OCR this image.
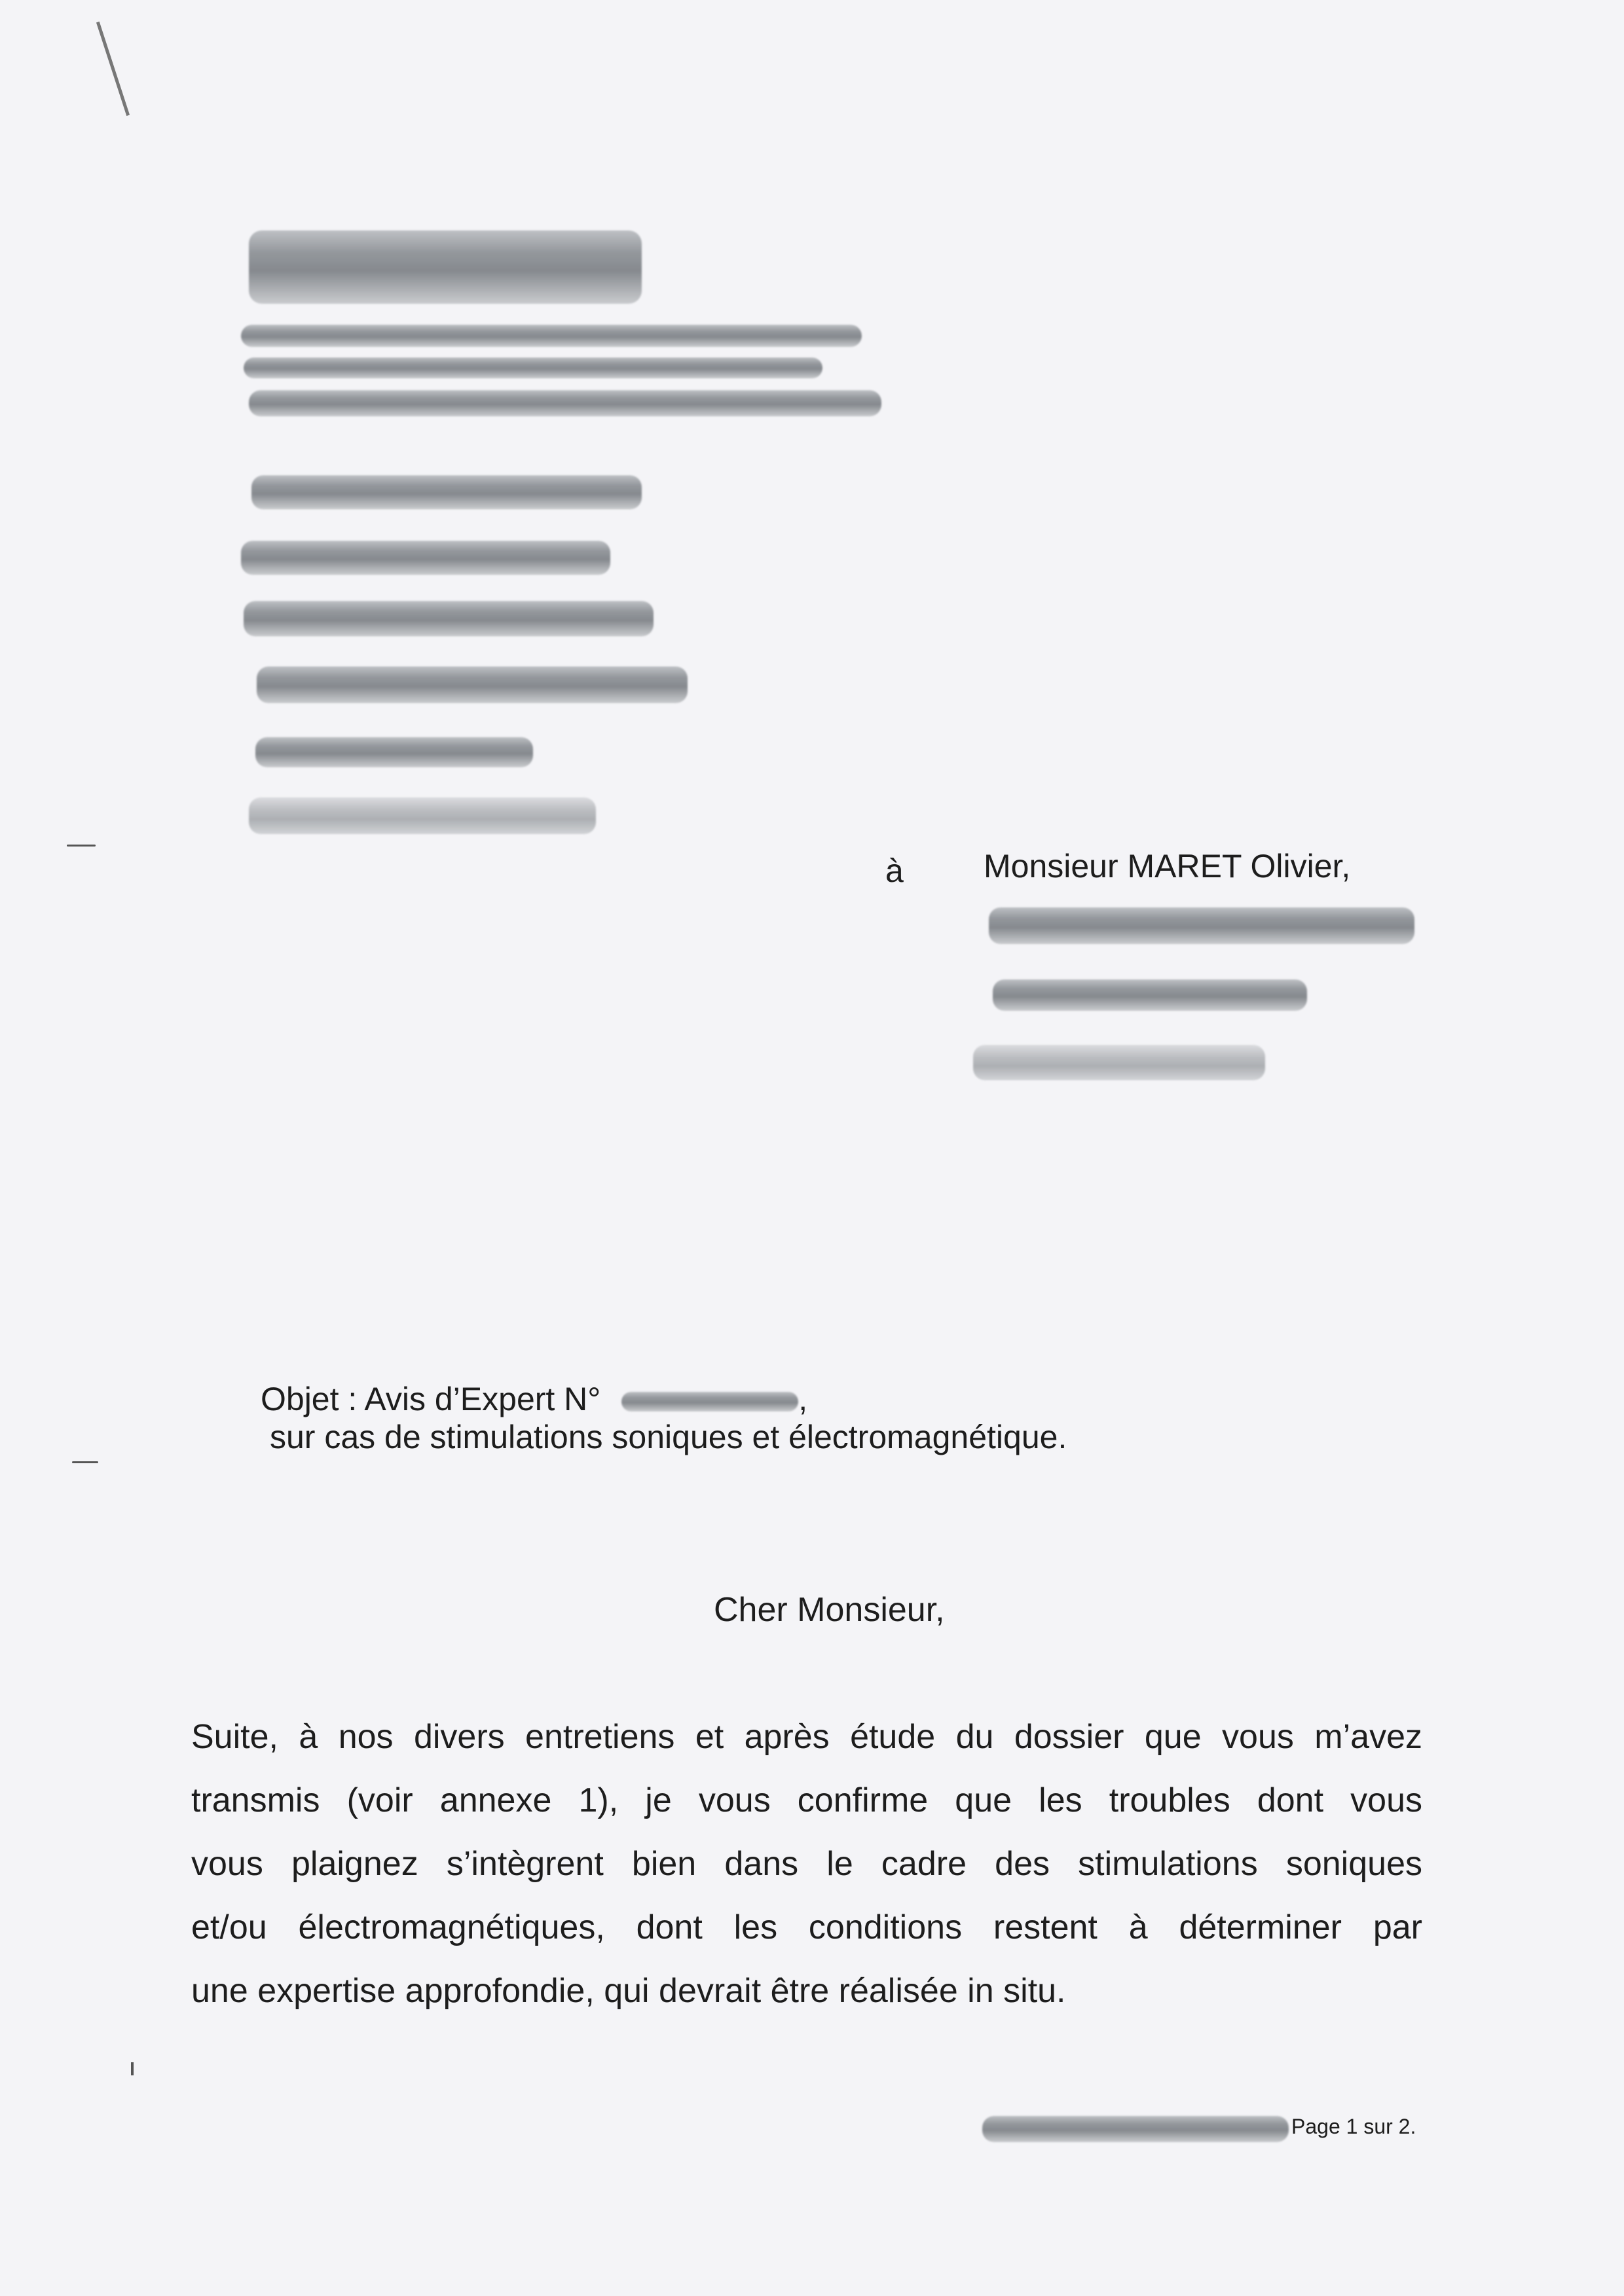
à Monsieur MARET Olivier,
Objet : Avis d’Expert N°	,
sur cas de stimulations soniques et électromagnétique.
Cher Monsieur,
Suite, à nos divers entretiens et après étude du dossier que vous m’avez
transmis (voir annexe 1), je vous confirme que les troubles dont vous
vous plaignez s’intègrent bien dans le cadre des stimulations soniques
et/ou électromagnétiques, dont les conditions restent à déterminer par
une expertise approfondie, qui devrait être réalisée in situ.
Page 1 sur 2.
